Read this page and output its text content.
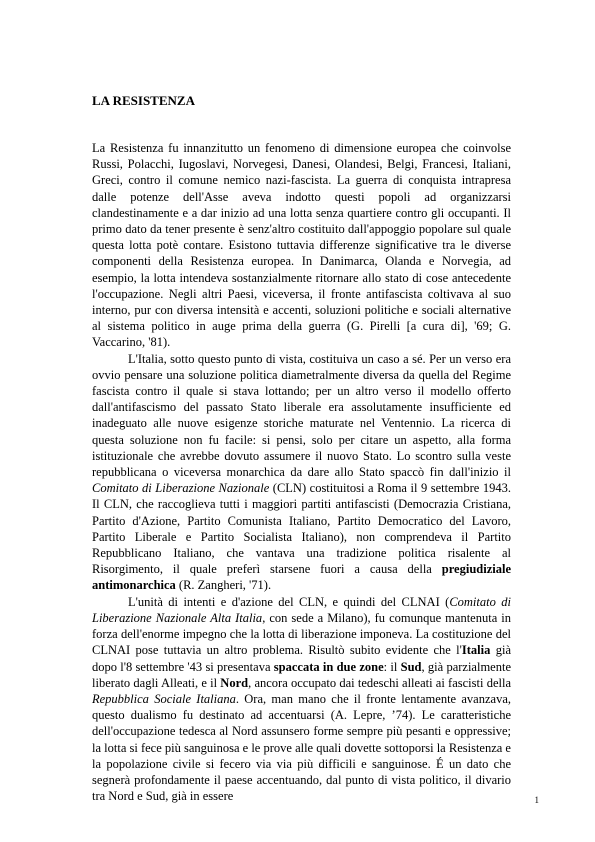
LA RESISTENZA

La Resistenza fu innanzitutto un fenomeno di dimensione europea che coinvolse Russi, Polacchi, Iugoslavi, Norvegesi, Danesi, Olandesi, Belgi, Francesi, Italiani, Greci, contro il comune nemico nazi-fascista. La guerra di conquista intrapresa dalle potenze dell'Asse aveva indotto questi popoli ad organizzarsi clandestinamente e a dar inizio ad una lotta senza quartiere contro gli occupanti. Il primo dato da tener presente è senz'altro costituito dall'appoggio popolare sul quale questa lotta potè contare. Esistono tuttavia differenze significative tra le diverse componenti della Resistenza europea. In Danimarca, Olanda e Norvegia, ad esempio, la lotta intendeva sostanzialmente ritornare allo stato di cose antecedente l'occupazione. Negli altri Paesi, viceversa, il fronte antifascista coltivava al suo interno, pur con diversa intensità e accenti, soluzioni politiche e sociali alternative al sistema politico in auge prima della guerra (G. Pirelli [a cura di], '69; G. Vaccarino, '81).

L'Italia, sotto questo punto di vista, costituiva un caso a sé. Per un verso era ovvio pensare una soluzione politica diametralmente diversa da quella del Regime fascista contro il quale si stava lottando; per un altro verso il modello offerto dall'antifascismo del passato Stato liberale era assolutamente insufficiente ed inadeguato alle nuove esigenze storiche maturate nel Ventennio. La ricerca di questa soluzione non fu facile: si pensi, solo per citare un aspetto, alla forma istituzionale che avrebbe dovuto assumere il nuovo Stato. Lo scontro sulla veste repubblicana o viceversa monarchica da dare allo Stato spaccò fin dall'inizio il Comitato di Liberazione Nazionale (CLN) costituitosi a Roma il 9 settembre 1943. Il CLN, che raccoglieva tutti i maggiori partiti antifascisti (Democrazia Cristiana, Partito d'Azione, Partito Comunista Italiano, Partito Democratico del Lavoro, Partito Liberale e Partito Socialista Italiano), non comprendeva il Partito Repubblicano Italiano, che vantava una tradizione politica risalente al Risorgimento, il quale preferì starsene fuori a causa della pregiudiziale antimonarchica (R. Zangheri, '71).

L'unità di intenti e d'azione del CLN, e quindi del CLNAI (Comitato di Liberazione Nazionale Alta Italia, con sede a Milano), fu comunque mantenuta in forza dell'enorme impegno che la lotta di liberazione imponeva. La costituzione del CLNAI pose tuttavia un altro problema. Risultò subito evidente che l'Italia già dopo l'8 settembre '43 si presentava spaccata in due zone: il Sud, già parzialmente liberato dagli Alleati, e il Nord, ancora occupato dai tedeschi alleati ai fascisti della Repubblica Sociale Italiana. Ora, man mano che il fronte lentamente avanzava, questo dualismo fu destinato ad accentuarsi (A. Lepre, ’74). Le caratteristiche dell'occupazione tedesca al Nord assunsero forme sempre più pesanti e oppressive; la lotta si fece più sanguinosa e le prove alle quali dovette sottoporsi la Resistenza e la popolazione civile si fecero via via più difficili e sanguinose. É un dato che segnerà profondamente il paese accentuando, dal punto di vista politico, il divario tra Nord e Sud, già in essere	1
